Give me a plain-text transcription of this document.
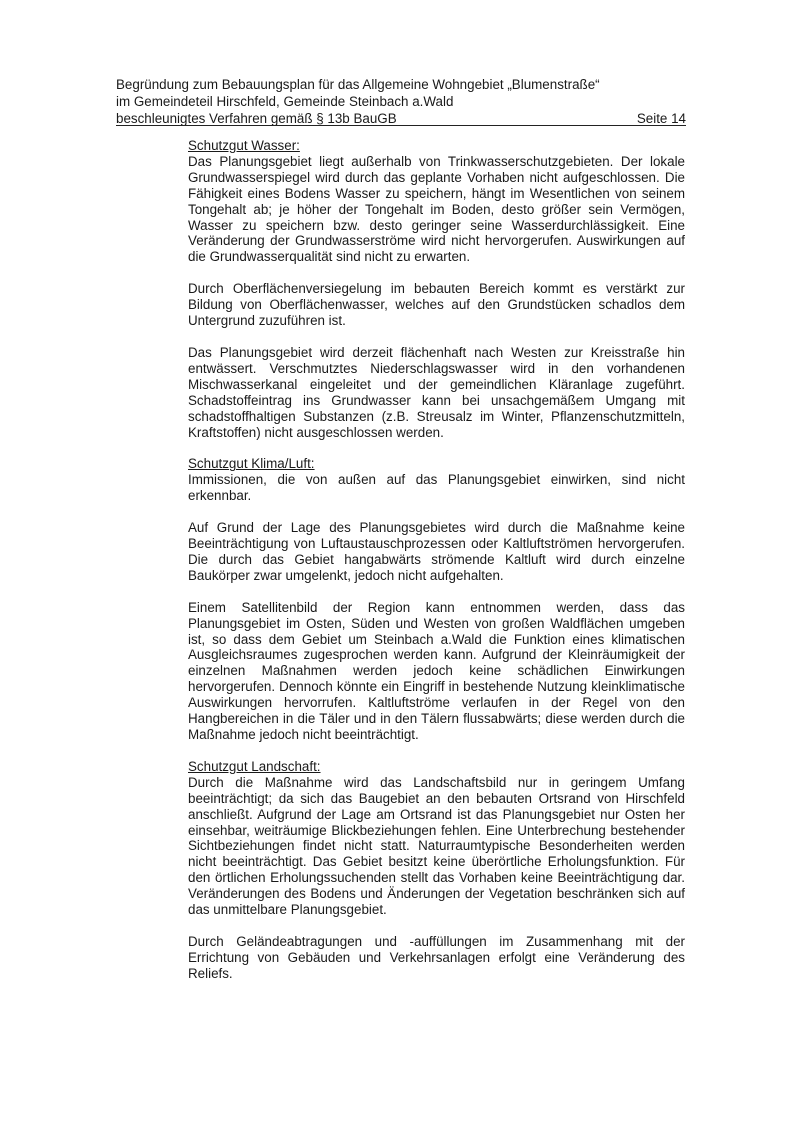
Begründung zum Bebauungsplan für das Allgemeine Wohngebiet „Blumenstraße“
im Gemeindeteil Hirschfeld, Gemeinde Steinbach a.Wald
beschleunigtes Verfahren gemäß § 13b BauGB	Seite 14

Schutzgut Wasser:

Das Planungsgebiet liegt außerhalb von Trinkwasserschutzgebieten. Der lokale Grundwasserspiegel wird durch das geplante Vorhaben nicht aufgeschlossen. Die Fähigkeit eines Bodens Wasser zu speichern, hängt im Wesentlichen von seinem Tongehalt ab; je höher der Tongehalt im Boden, desto größer sein Vermögen, Wasser zu speichern bzw. desto geringer seine Wasserdurchlässigkeit. Eine Veränderung der Grundwasserströme wird nicht hervorgerufen. Auswirkungen auf die Grundwasserqualität sind nicht zu erwarten.

Durch Oberflächenversiegelung im bebauten Bereich kommt es verstärkt zur Bildung von Oberflächenwasser, welches auf den Grundstücken schadlos dem Untergrund zuzuführen ist.

Das Planungsgebiet wird derzeit flächenhaft nach Westen zur Kreisstraße hin entwässert. Verschmutztes Niederschlagswasser wird in den vorhandenen Mischwasserkanal eingeleitet und der gemeindlichen Kläranlage zugeführt. Schadstoffeintrag ins Grundwasser kann bei unsachgemäßem Umgang mit schadstoffhaltigen Substanzen (z.B. Streusalz im Winter, Pflanzenschutzmitteln, Kraftstoffen) nicht ausgeschlossen werden.

Schutzgut Klima/Luft:

Immissionen, die von außen auf das Planungsgebiet einwirken, sind nicht erkennbar.

Auf Grund der Lage des Planungsgebietes wird durch die Maßnahme keine Beeinträchtigung von Luftaustauschprozessen oder Kaltluftströmen hervorgerufen. Die durch das Gebiet hangabwärts strömende Kaltluft wird durch einzelne Baukörper zwar umgelenkt, jedoch nicht aufgehalten.

Einem Satellitenbild der Region kann entnommen werden, dass das Planungsgebiet im Osten, Süden und Westen von großen Waldflächen umgeben ist, so dass dem Gebiet um Steinbach a.Wald die Funktion eines klimatischen Ausgleichsraumes zugesprochen werden kann. Aufgrund der Kleinräumigkeit der einzelnen Maßnahmen werden jedoch keine schädlichen Einwirkungen hervorgerufen. Dennoch könnte ein Eingriff in bestehende Nutzung kleinklimatische Auswirkungen hervorrufen. Kaltluftströme verlaufen in der Regel von den Hangbereichen in die Täler und in den Tälern flussabwärts; diese werden durch die Maßnahme jedoch nicht beeinträchtigt.

Schutzgut Landschaft:

Durch die Maßnahme wird das Landschaftsbild nur in geringem Umfang beeinträchtigt; da sich das Baugebiet an den bebauten Ortsrand von Hirschfeld anschließt. Aufgrund der Lage am Ortsrand ist das Planungsgebiet nur Osten her einsehbar, weiträumige Blickbeziehungen fehlen. Eine Unterbrechung bestehender Sichtbeziehungen findet nicht statt. Naturraumtypische Besonderheiten werden nicht beeinträchtigt. Das Gebiet besitzt keine überörtliche Erholungsfunktion. Für den örtlichen Erholungssuchenden stellt das Vorhaben keine Beeinträchtigung dar. Veränderungen des Bodens und Änderungen der Vegetation beschränken sich auf das unmittelbare Planungsgebiet.

Durch Geländeabtragungen und -auffüllungen im Zusammenhang mit der Errichtung von Gebäuden und Verkehrsanlagen erfolgt eine Veränderung des Reliefs.
